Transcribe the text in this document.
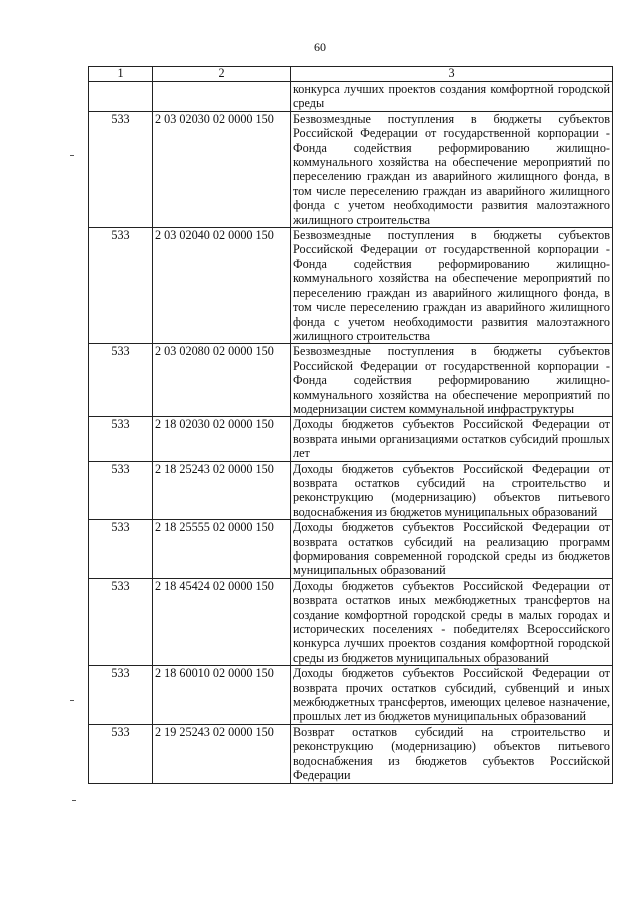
60
1	2	3
		конкурса лучших проектов создания комфортной городской среды
533	2 03 02030 02 0000 150	Безвозмездные поступления в бюджеты субъектов Российской Федерации от государственной корпорации - Фонда содействия реформированию жилищно-коммунального хозяйства на обеспечение мероприятий по переселению граждан из аварийного жилищного фонда, в том числе переселению граждан из аварийного жилищного фонда с учетом необходимости развития малоэтажного жилищного строительства
533	2 03 02040 02 0000 150	Безвозмездные поступления в бюджеты субъектов Российской Федерации от государственной корпорации - Фонда содействия реформированию жилищно-коммунального хозяйства на обеспечение мероприятий по переселению граждан из аварийного жилищного фонда, в том числе переселению граждан из аварийного жилищного фонда с учетом необходимости развития малоэтажного жилищного строительства
533	2 03 02080 02 0000 150	Безвозмездные поступления в бюджеты субъектов Российской Федерации от государственной корпорации - Фонда содействия реформированию жилищно-коммунального хозяйства на обеспечение мероприятий по модернизации систем коммунальной инфраструктуры
533	2 18 02030 02 0000 150	Доходы бюджетов субъектов Российской Федерации от возврата иными организациями остатков субсидий прошлых лет
533	2 18 25243 02 0000 150	Доходы бюджетов субъектов Российской Федерации от возврата остатков субсидий на строительство и реконструкцию (модернизацию) объектов питьевого водоснабжения из бюджетов муниципальных образований
533	2 18 25555 02 0000 150	Доходы бюджетов субъектов Российской Федерации от возврата остатков субсидий на реализацию программ формирования современной городской среды из бюджетов муниципальных образований
533	2 18 45424 02 0000 150	Доходы бюджетов субъектов Российской Федерации от возврата остатков иных межбюджетных трансфертов на создание комфортной городской среды в малых городах и исторических поселениях - победителях Всероссийского конкурса лучших проектов создания комфортной городской среды из бюджетов муниципальных образований
533	2 18 60010 02 0000 150	Доходы бюджетов субъектов Российской Федерации от возврата прочих остатков субсидий, субвенций и иных межбюджетных трансфертов, имеющих целевое назначение, прошлых лет из бюджетов муниципальных образований
533	2 19 25243 02 0000 150	Возврат остатков субсидий на строительство и реконструкцию (модернизацию) объектов питьевого водоснабжения из бюджетов субъектов Российской Федерации
